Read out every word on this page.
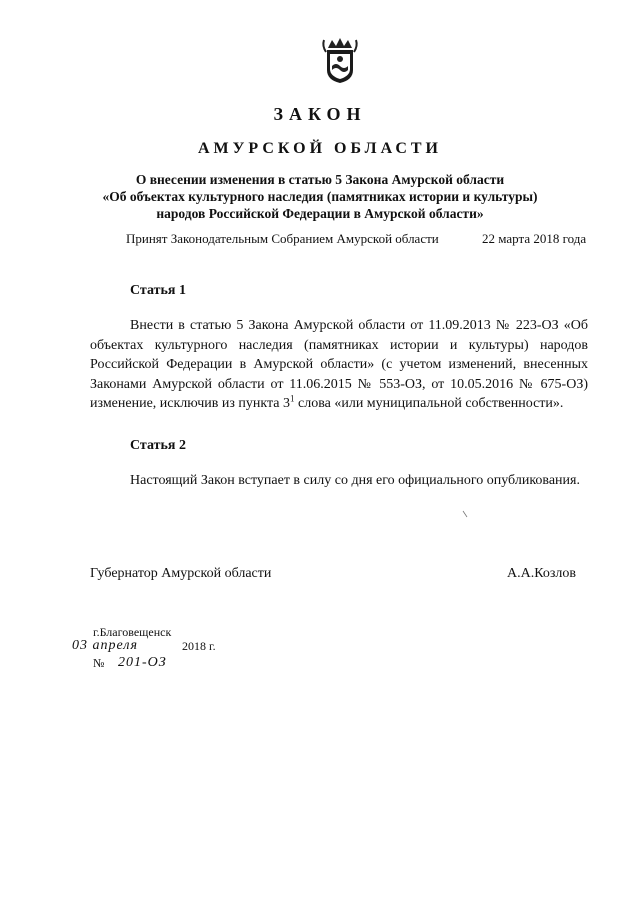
ЗАКОН
АМУРСКОЙ ОБЛАСТИ
О внесении изменения в статью 5 Закона Амурской области
«Об объектах культурного наследия (памятниках истории и культуры)
народов Российской Федерации в Амурской области»
Принят Законодательным Собранием Амурской области	22 марта 2018 года
Статья 1

Внести в статью 5 Закона Амурской области от 11.09.2013 № 223-ОЗ «Об объектах культурного наследия (памятниках истории и культуры) народов Российской Федерации в Амурской области» (с учетом изменений, внесенных Законами Амурской области от 11.06.2015 № 553-ОЗ, от 10.05.2016 № 675-ОЗ) изменение, исключив из пункта $3^1$ слова «или муниципальной собственности».

Статья 2

Настоящий Закон вступает в силу со дня его официального опубликования.

Губернатор Амурской области	А.А.Козлов
г.Благовещенск
03 апреля	2018 г.
№ 201-ОЗ
